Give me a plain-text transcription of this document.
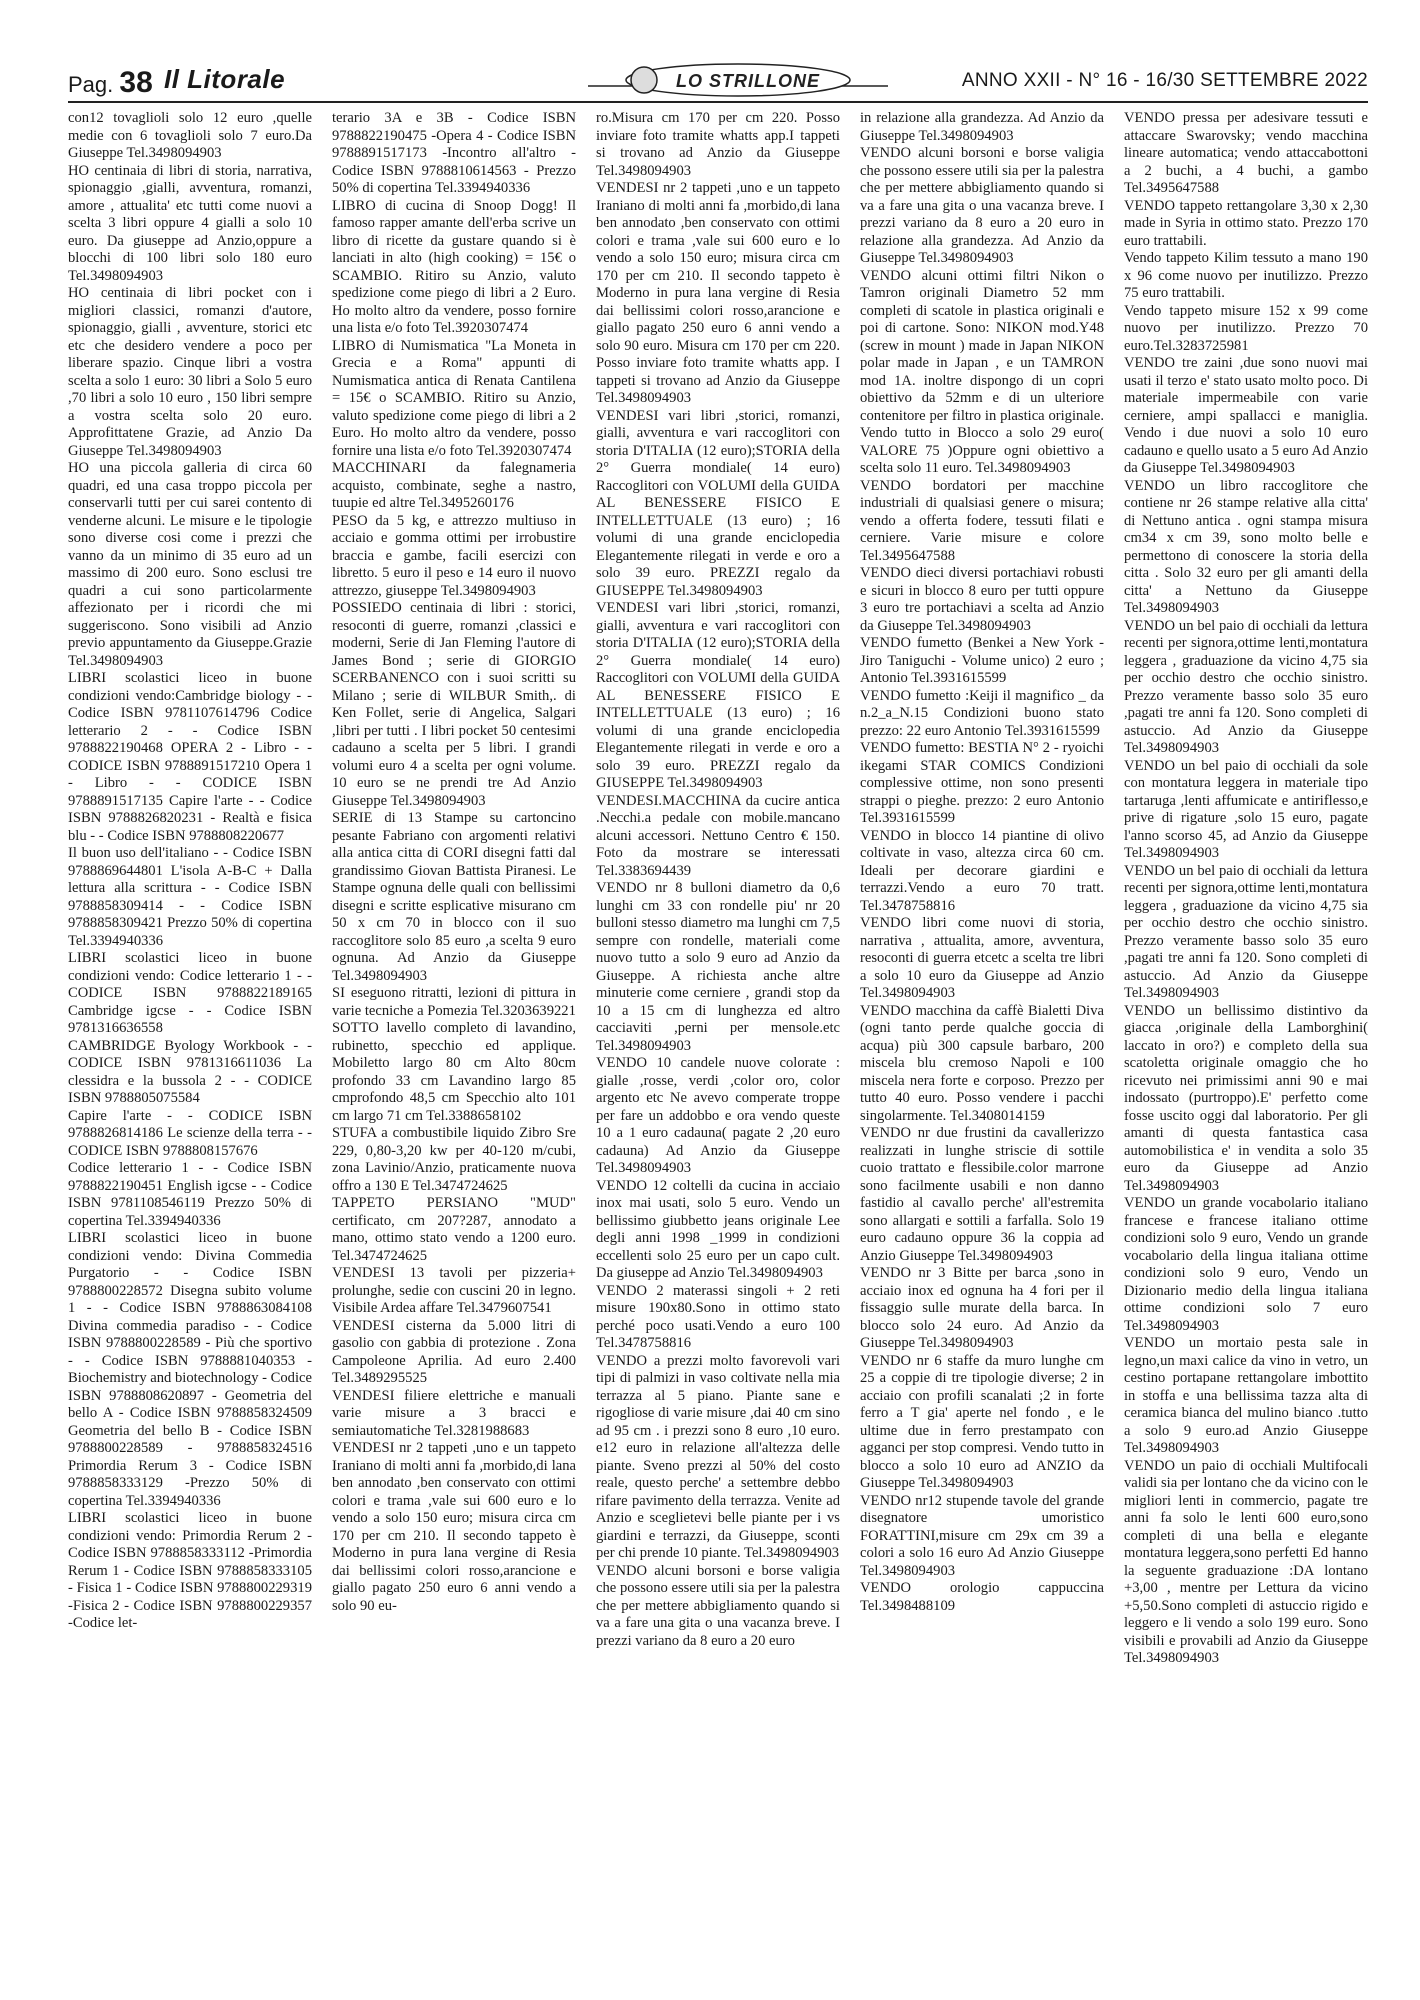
Pag. 38 Il Litorale	LO STRILLONE	ANNO XXII - N° 16 - 16/30 SETTEMBRE 2022

con12 tovaglioli solo 12 euro ,quelle medie con 6 tovaglioli solo 7 euro.Da Giuseppe Tel.3498094903

HO centinaia di libri di storia, narrativa, spionaggio ,gialli, avventura, romanzi, amore , attualita' etc tutti come nuovi a scelta 3 libri oppure 4 gialli a solo 10 euro. Da giuseppe ad Anzio,oppure a blocchi di 100 libri solo 180 euro Tel.3498094903

HO centinaia di libri pocket con i migliori classici, romanzi d'autore, spionaggio, gialli , avventure, storici etc etc che desidero vendere a poco per liberare spazio. Cinque libri a vostra scelta a solo 1 euro: 30 libri a Solo 5 euro ,70 libri a solo 10 euro , 150 libri sempre a vostra scelta solo 20 euro. Approfittatene Grazie, ad Anzio Da Giuseppe Tel.3498094903

HO una piccola galleria di circa 60 quadri, ed una casa troppo piccola per conservarli tutti per cui sarei contento di venderne alcuni. Le misure e le tipologie sono diverse cosi come i prezzi che vanno da un minimo di 35 euro ad un massimo di 200 euro. Sono esclusi tre quadri a cui sono particolarmente affezionato per i ricordi che mi suggeriscono. Sono visibili ad Anzio previo appuntamento da Giuseppe.Grazie Tel.3498094903

LIBRI scolastici liceo in buone condizioni vendo:Cambridge biology - - Codice ISBN 9781107614796 Codice letterario 2 - - Codice ISBN 9788822190468 OPERA 2 - Libro - - CODICE ISBN 9788891517210 Opera 1 - Libro - - CODICE ISBN 9788891517135 Capire l'arte - - Codice ISBN 9788826820231 - Realtà e fisica blu - - Codice ISBN 9788808220677

Il buon uso dell'italiano - - Codice ISBN 9788869644801 L'isola A-B-C + Dalla lettura alla scrittura - - Codice ISBN 9788858309414 - - Codice ISBN 9788858309421 Prezzo 50% di copertina Tel.3394940336

LIBRI scolastici liceo in buone condizioni vendo: Codice letterario 1 - - CODICE ISBN 9788822189165 Cambridge igcse - - Codice ISBN 9781316636558

CAMBRIDGE Byology Workbook - - CODICE ISBN 9781316611036 La clessidra e la bussola 2 - - CODICE ISBN 9788805075584

Capire l'arte - - CODICE ISBN 9788826814186 Le scienze della terra - - CODICE ISBN 9788808157676

Codice letterario 1 - - Codice ISBN 9788822190451 English igcse - - Codice ISBN 9781108546119 Prezzo 50% di copertina Tel.3394940336

LIBRI scolastici liceo in buone condizioni vendo: Divina Commedia Purgatorio - - Codice ISBN 9788800228572 Disegna subito volume 1 - - Codice ISBN 9788863084108 Divina commedia paradiso - - Codice ISBN 9788800228589 - Più che sportivo - - Codice ISBN 9788881040353 - Biochemistry and biotechnology - Codice ISBN 9788808620897 - Geometria del bello A - Codice ISBN 9788858324509 Geometria del bello B - Codice ISBN 9788800228589 - 9788858324516 Primordia Rerum 3 - Codice ISBN 9788858333129 -Prezzo 50% di copertina Tel.3394940336

LIBRI scolastici liceo in buone condizioni vendo: Primordia Rerum 2 - Codice ISBN 9788858333112 -Primordia Rerum 1 - Codice ISBN 9788858333105 - Fisica 1 - Codice ISBN 9788800229319 -Fisica 2 - Codice ISBN 9788800229357 -Codice let-

terario 3A e 3B - Codice ISBN 9788822190475 -Opera 4 - Codice ISBN 9788891517173 -Incontro all'altro - Codice ISBN 9788810614563 - Prezzo 50% di copertina Tel.3394940336

LIBRO di cucina di Snoop Dogg! Il famoso rapper amante dell'erba scrive un libro di ricette da gustare quando si è lanciati in alto (high cooking) = 15€ o SCAMBIO. Ritiro su Anzio, valuto spedizione come piego di libri a 2 Euro. Ho molto altro da vendere, posso fornire una lista e/o foto Tel.3920307474

LIBRO di Numismatica "La Moneta in Grecia e a Roma" appunti di Numismatica antica di Renata Cantilena = 15€ o SCAMBIO. Ritiro su Anzio, valuto spedizione come piego di libri a 2 Euro. Ho molto altro da vendere, posso fornire una lista e/o foto Tel.3920307474

MACCHINARI da falegnameria acquisto, combinate, seghe a nastro, tuupie ed altre Tel.3495260176

PESO da 5 kg, e attrezzo multiuso in acciaio e gomma ottimi per irrobustire braccia e gambe, facili esercizi con libretto. 5 euro il peso e 14 euro il nuovo attrezzo, giuseppe Tel.3498094903

POSSIEDO centinaia di libri : storici, resoconti di guerre, romanzi ,classici e moderni, Serie di Jan Fleming l'autore di James Bond ; serie di GIORGIO SCERBANENCO con i suoi scritti su Milano ; serie di WILBUR Smith,. di Ken Follet, serie di Angelica, Salgari ,libri per tutti . I libri pocket 50 centesimi cadauno a scelta per 5 libri. I grandi volumi euro 4 a scelta per ogni volume. 10 euro se ne prendi tre Ad Anzio Giuseppe Tel.3498094903

SERIE di 13 Stampe su cartoncino pesante Fabriano con argomenti relativi alla antica citta di CORI disegni fatti dal grandissimo Giovan Battista Piranesi. Le Stampe ognuna delle quali con bellissimi disegni e scritte esplicative misurano cm 50 x cm 70 in blocco con il suo raccoglitore solo 85 euro ,a scelta 9 euro ognuna. Ad Anzio da Giuseppe Tel.3498094903

SI eseguono ritratti, lezioni di pittura in varie tecniche a Pomezia Tel.3203639221

SOTTO lavello completo di lavandino, rubinetto, specchio ed applique. Mobiletto largo 80 cm Alto 80cm profondo 33 cm Lavandino largo 85 cmprofondo 48,5 cm Specchio alto 101 cm largo 71 cm Tel.3388658102

STUFA a combustibile liquido Zibro Sre 229, 0,80-3,20 kw per 40-120 m/cubi, zona Lavinio/Anzio, praticamente nuova offro a 130 E Tel.3474724625

TAPPETO PERSIANO "MUD" certificato, cm 207?287, annodato a mano, ottimo stato vendo a 1200 euro. Tel.3474724625

VENDESI 13 tavoli per pizzeria+ prolunghe, sedie con cuscini 20 in legno. Visibile Ardea affare Tel.3479607541

VENDESI cisterna da 5.000 litri di gasolio con gabbia di protezione . Zona Campoleone Aprilia. Ad euro 2.400 Tel.3489295525

VENDESI filiere elettriche e manuali varie misure a 3 bracci e semiautomatiche Tel.3281988683

VENDESI nr 2 tappeti ,uno e un tappeto Iraniano di molti anni fa ,morbido,di lana ben annodato ,ben conservato con ottimi colori e trama ,vale sui 600 euro e lo vendo a solo 150 euro; misura circa cm 170 per cm 210. Il secondo tappeto è Moderno in pura lana vergine di Resia dai bellissimi colori rosso,arancione e giallo pagato 250 euro 6 anni vendo a solo 90 eu-

ro.Misura cm 170 per cm 220. Posso inviare foto tramite whatts app.I tappeti si trovano ad Anzio da Giuseppe Tel.3498094903

VENDESI nr 2 tappeti ,uno e un tappeto Iraniano di molti anni fa ,morbido,di lana ben annodato ,ben conservato con ottimi colori e trama ,vale sui 600 euro e lo vendo a solo 150 euro; misura circa cm 170 per cm 210. Il secondo tappeto è Moderno in pura lana vergine di Resia dai bellissimi colori rosso,arancione e giallo pagato 250 euro 6 anni vendo a solo 90 euro. Misura cm 170 per cm 220. Posso inviare foto tramite whatts app. I tappeti si trovano ad Anzio da Giuseppe Tel.3498094903

VENDESI vari libri ,storici, romanzi, gialli, avventura e vari raccoglitori con storia D'ITALIA (12 euro);STORIA della 2° Guerra mondiale( 14 euro) Raccoglitori con VOLUMI della GUIDA AL BENESSERE FISICO E INTELLETTUALE (13 euro) ; 16 volumi di una grande enciclopedia Elegantemente rilegati in verde e oro a solo 39 euro. PREZZI regalo da GIUSEPPE Tel.3498094903

VENDESI vari libri ,storici, romanzi, gialli, avventura e vari raccoglitori con storia D'ITALIA (12 euro);STORIA della 2° Guerra mondiale( 14 euro) Raccoglitori con VOLUMI della GUIDA AL BENESSERE FISICO E INTELLETTUALE (13 euro) ; 16 volumi di una grande enciclopedia Elegantemente rilegati in verde e oro a solo 39 euro. PREZZI regalo da GIUSEPPE Tel.3498094903

VENDESI.MACCHINA da cucire antica .Necchi.a pedale con mobile.mancano alcuni accessori. Nettuno Centro € 150. Foto da mostrare se interessati Tel.3383694439

VENDO nr 8 bulloni diametro da 0,6 lunghi cm 33 con rondelle piu' nr 20 bulloni stesso diametro ma lunghi cm 7,5 sempre con rondelle, materiali come nuovo tutto a solo 9 euro ad Anzio da Giuseppe. A richiesta anche altre minuterie come cerniere , grandi stop da 10 a 15 cm di lunghezza ed altro cacciaviti ,perni per mensole.etc Tel.3498094903

VENDO 10 candele nuove colorate : gialle ,rosse, verdi ,color oro, color argento etc Ne avevo comperate troppe per fare un addobbo e ora vendo queste 10 a 1 euro cadauna( pagate 2 ,20 euro cadauna) Ad Anzio da Giuseppe Tel.3498094903

VENDO 12 coltelli da cucina in acciaio inox mai usati, solo 5 euro. Vendo un bellissimo giubbetto jeans originale Lee degli anni 1998 _1999 in condizioni eccellenti solo 25 euro per un capo cult. Da giuseppe ad Anzio Tel.3498094903

VENDO 2 materassi singoli + 2 reti misure 190x80.Sono in ottimo stato perché poco usati.Vendo a euro 100 Tel.3478758816

VENDO a prezzi molto favorevoli vari tipi di palmizi in vaso coltivate nella mia terrazza al 5 piano. Piante sane e rigogliose di varie misure ,dai 40 cm sino ad 95 cm . i prezzi sono 8 euro ,10 euro. e12 euro in relazione all'altezza delle piante. Sveno prezzi al 50% del costo reale, questo perche' a settembre debbo rifare pavimento della terrazza. Venite ad Anzio e sceglietevi belle piante per i vs giardini e terrazzi, da Giuseppe, sconti per chi prende 10 piante. Tel.3498094903

VENDO alcuni borsoni e borse valigia che possono essere utili sia per la palestra che per mettere abbigliamento quando si va a fare una gita o una vacanza breve. I prezzi variano da 8 euro a 20 euro

in relazione alla grandezza. Ad Anzio da Giuseppe Tel.3498094903

VENDO alcuni borsoni e borse valigia che possono essere utili sia per la palestra che per mettere abbigliamento quando si va a fare una gita o una vacanza breve. I prezzi variano da 8 euro a 20 euro in relazione alla grandezza. Ad Anzio da Giuseppe Tel.3498094903

VENDO alcuni ottimi filtri Nikon o Tamron originali Diametro 52 mm completi di scatole in plastica originali e poi di cartone. Sono: NIKON mod.Y48 (screw in mount ) made in Japan NIKON polar made in Japan , e un TAMRON mod 1A. inoltre dispongo di un copri obiettivo da 52mm e di un ulteriore contenitore per filtro in plastica originale. Vendo tutto in Blocco a solo 29 euro( VALORE 75 )Oppure ogni obiettivo a scelta solo 11 euro. Tel.3498094903

VENDO bordatori per macchine industriali di qualsiasi genere o misura; vendo a offerta fodere, tessuti filati e cerniere. Varie misure e colore Tel.3495647588

VENDO dieci diversi portachiavi robusti e sicuri in blocco 8 euro per tutti oppure 3 euro tre portachiavi a scelta ad Anzio da Giuseppe Tel.3498094903

VENDO fumetto (Benkei a New York - Jiro Taniguchi - Volume unico) 2 euro ; Antonio Tel.3931615599

VENDO fumetto :Keiji il magnifico _ da n.2_a_N.15 Condizioni buono stato prezzo: 22 euro Antonio Tel.3931615599

VENDO fumetto: BESTIA N° 2 - ryoichi ikegami STAR COMICS Condizioni complessive ottime, non sono presenti strappi o pieghe. prezzo: 2 euro Antonio Tel.3931615599

VENDO in blocco 14 piantine di olivo coltivate in vaso, altezza circa 60 cm. Ideali per decorare giardini e terrazzi.Vendo a euro 70 tratt. Tel.3478758816

VENDO libri come nuovi di storia, narrativa , attualita, amore, avventura, resoconti di guerra etcetc a scelta tre libri a solo 10 euro da Giuseppe ad Anzio Tel.3498094903

VENDO macchina da caffè Bialetti Diva (ogni tanto perde qualche goccia di acqua) più 300 capsule barbaro, 200 miscela blu cremoso Napoli e 100 miscela nera forte e corposo. Prezzo per tutto 40 euro. Posso vendere i pacchi singolarmente. Tel.3408014159

VENDO nr due frustini da cavallerizzo realizzati in lunghe striscie di sottile cuoio trattato e flessibile.color marrone sono facilmente usabili e non danno fastidio al cavallo perche' all'estremita sono allargati e sottili a farfalla. Solo 19 euro cadauno oppure 36 la coppia ad Anzio Giuseppe Tel.3498094903

VENDO nr 3 Bitte per barca ,sono in acciaio inox ed ognuna ha 4 fori per il fissaggio sulle murate della barca. In blocco solo 24 euro. Ad Anzio da Giuseppe Tel.3498094903

VENDO nr 6 staffe da muro lunghe cm 25 a coppie di tre tipologie diverse; 2 in acciaio con profili scanalati ;2 in forte ferro a T gia' aperte nel fondo , e le ultime due in ferro prestampato con agganci per stop compresi. Vendo tutto in blocco a solo 10 euro ad ANZIO da Giuseppe Tel.3498094903

VENDO nr12 stupende tavole del grande disegnatore umoristico FORATTINI,misure cm 29x cm 39 a colori a solo 16 euro Ad Anzio Giuseppe Tel.3498094903

VENDO orologio cappuccina Tel.3498488109

VENDO pressa per adesivare tessuti e attaccare Swarovsky; vendo macchina lineare automatica; vendo attaccabottoni a 2 buchi, a 4 buchi, a gambo Tel.3495647588

VENDO tappeto rettangolare 3,30 x 2,30 made in Syria in ottimo stato. Prezzo 170 euro trattabili.

Vendo tappeto Kilim tessuto a mano 190 x 96 come nuovo per inutilizzo. Prezzo 75 euro trattabili.

Vendo tappeto misure 152 x 99 come nuovo per inutilizzo. Prezzo 70 euro.Tel.3283725981

VENDO tre zaini ,due sono nuovi mai usati il terzo e' stato usato molto poco. Di materiale impermeabile con varie cerniere, ampi spallacci e maniglia. Vendo i due nuovi a solo 10 euro cadauno e quello usato a 5 euro Ad Anzio da Giuseppe Tel.3498094903

VENDO un libro raccoglitore che contiene nr 26 stampe relative alla citta' di Nettuno antica . ogni stampa misura cm34 x cm 39, sono molto belle e permettono di conoscere la storia della citta . Solo 32 euro per gli amanti della citta' a Nettuno da Giuseppe Tel.3498094903

VENDO un bel paio di occhiali da lettura recenti per signora,ottime lenti,montatura leggera , graduazione da vicino 4,75 sia per occhio destro che occhio sinistro. Prezzo veramente basso solo 35 euro ,pagati tre anni fa 120. Sono completi di astuccio. Ad Anzio da Giuseppe Tel.3498094903

VENDO un bel paio di occhiali da sole con montatura leggera in materiale tipo tartaruga ,lenti affumicate e antiriflesso,e prive di rigature ,solo 15 euro, pagate l'anno scorso 45, ad Anzio da Giuseppe Tel.3498094903

VENDO un bel paio di occhiali da lettura recenti per signora,ottime lenti,montatura leggera , graduazione da vicino 4,75 sia per occhio destro che occhio sinistro. Prezzo veramente basso solo 35 euro ,pagati tre anni fa 120. Sono completi di astuccio. Ad Anzio da Giuseppe Tel.3498094903

VENDO un bellissimo distintivo da giacca ,originale della Lamborghini( laccato in oro?) e completo della sua scatoletta originale omaggio che ho ricevuto nei primissimi anni 90 e mai indossato (purtroppo).E' perfetto come fosse uscito oggi dal laboratorio. Per gli amanti di questa fantastica casa automobilistica e' in vendita a solo 35 euro da Giuseppe ad Anzio Tel.3498094903

VENDO un grande vocabolario italiano francese e francese italiano ottime condizioni solo 9 euro, Vendo un grande vocabolario della lingua italiana ottime condizioni solo 9 euro, Vendo un Dizionario medio della lingua italiana ottime condizioni solo 7 euro Tel.3498094903

VENDO un mortaio pesta sale in legno,un maxi calice da vino in vetro, un cestino portapane rettangolare imbottito in stoffa e una bellissima tazza alta di ceramica bianca del mulino bianco .tutto a solo 9 euro.ad Anzio Giuseppe Tel.3498094903

VENDO un paio di occhiali Multifocali validi sia per lontano che da vicino con le migliori lenti in commercio, pagate tre anni fa solo le lenti 600 euro,sono completi di una bella e elegante montatura leggera,sono perfetti Ed hanno la seguente graduazione :DA lontano +3,00 , mentre per Lettura da vicino +5,50.Sono completi di astuccio rigido e leggero e li vendo a solo 199 euro. Sono visibili e provabili ad Anzio da Giuseppe Tel.3498094903
